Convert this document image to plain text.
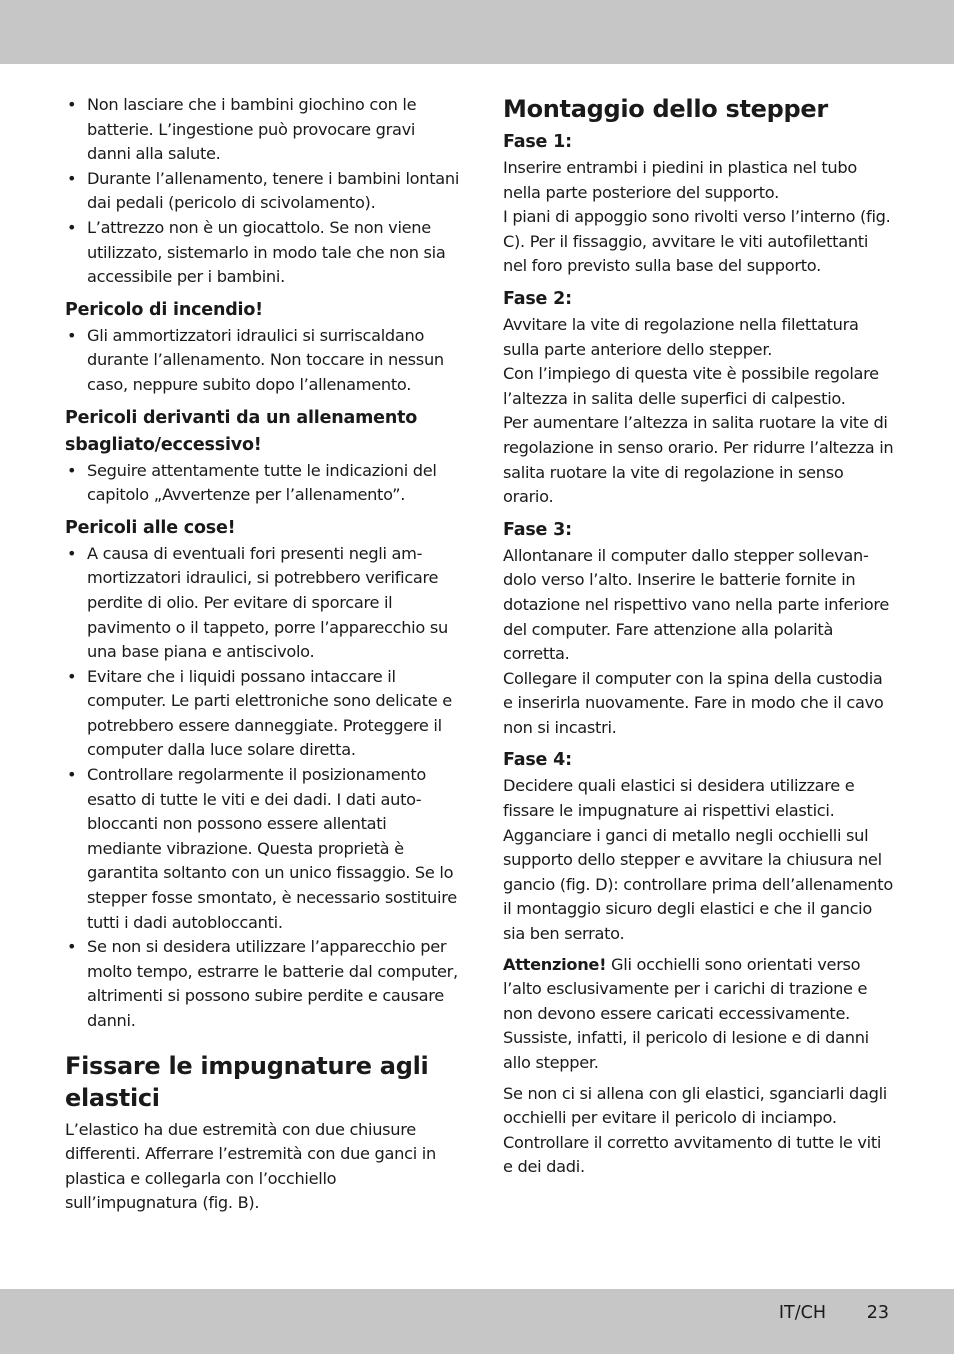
• Non lasciare che i bambini giochino con le batterie. L’ingestione può provocare gravi danni alla salute.
• Durante l’allenamento, tenere i bambini lontani dai pedali (pericolo di scivolamento).
• L’attrezzo non è un giocattolo. Se non viene utilizzato, sistemarlo in modo tale che non sia accessibile per i bambini.
Pericolo di incendio!
• Gli ammortizzatori idraulici si surriscaldano durante l’allenamento. Non toccare in nessun caso, neppure subito dopo l’allenamento.
Pericoli derivanti da un allenamento sbagliato/eccessivo!
• Seguire attentamente tutte le indicazioni del capitolo „Avvertenze per l’allenamento”.
Pericoli alle cose!
• A causa di eventuali fori presenti negli ammortizzatori idraulici, si potrebbero verificare perdite di olio. Per evitare di sporcare il pavimento o il tappeto, porre l’apparecchio su una base piana e antiscivolo.
• Evitare che i liquidi possano intaccare il computer. Le parti elettroniche sono delicate e potrebbero essere danneggiate. Proteggere il computer dalla luce solare diretta.
• Controllare regolarmente il posizionamento esatto di tutte le viti e dei dadi. I dati autobloccanti non possono essere allentati mediante vibrazione. Questa proprietà è garantita soltanto con un unico fissaggio. Se lo stepper fosse smontato, è necessario sostituire tutti i dadi autobloccanti.
• Se non si desidera utilizzare l’apparecchio per molto tempo, estrarre le batterie dal computer, altrimenti si possono subire perdite e causare danni.
Fissare le impugnature agli elastici

L’elastico ha due estremità con due chiusure differenti. Afferrare l’estremità con due ganci in plastica e collegarla con l’occhiello sull’impugnatura (fig. B).

Montaggio dello stepper
Fase 1:

Inserire entrambi i piedini in plastica nel tubo nella parte posteriore del supporto.

I piani di appoggio sono rivolti verso l’interno (fig. C). Per il fissaggio, avvitare le viti autofilettanti nel foro previsto sulla base del supporto.

Fase 2:

Avvitare la vite di regolazione nella filettatura sulla parte anteriore dello stepper.

Con l’impiego di questa vite è possibile regolare l’altezza in salita delle superfici di calpestio.

Per aumentare l’altezza in salita ruotare la vite di regolazione in senso orario. Per ridurre l’altezza in salita ruotare la vite di regolazione in senso orario.

Fase 3:

Allontanare il computer dallo stepper sollevandolo verso l’alto. Inserire le batterie fornite in dotazione nel rispettivo vano nella parte inferiore del computer. Fare attenzione alla polarità corretta.

Collegare il computer con la spina della custodia e inserirla nuovamente. Fare in modo che il cavo non si incastri.

Fase 4:

Decidere quali elastici si desidera utilizzare e fissare le impugnature ai rispettivi elastici.

Agganciare i ganci di metallo negli occhielli sul supporto dello stepper e avvitare la chiusura nel gancio (fig. D): controllare prima dell’allenamento il montaggio sicuro degli elastici e che il gancio sia ben serrato.

Attenzione! Gli occhielli sono orientati verso l’alto esclusivamente per i carichi di trazione e non devono essere caricati eccessivamente. Sussiste, infatti, il pericolo di lesione e di danni allo stepper.

Se non ci si allena con gli elastici, sganciarli dagli occhielli per evitare il pericolo di inciampo. Controllare il corretto avvitamento di tutte le viti e dei dadi.

IT/CH 23
